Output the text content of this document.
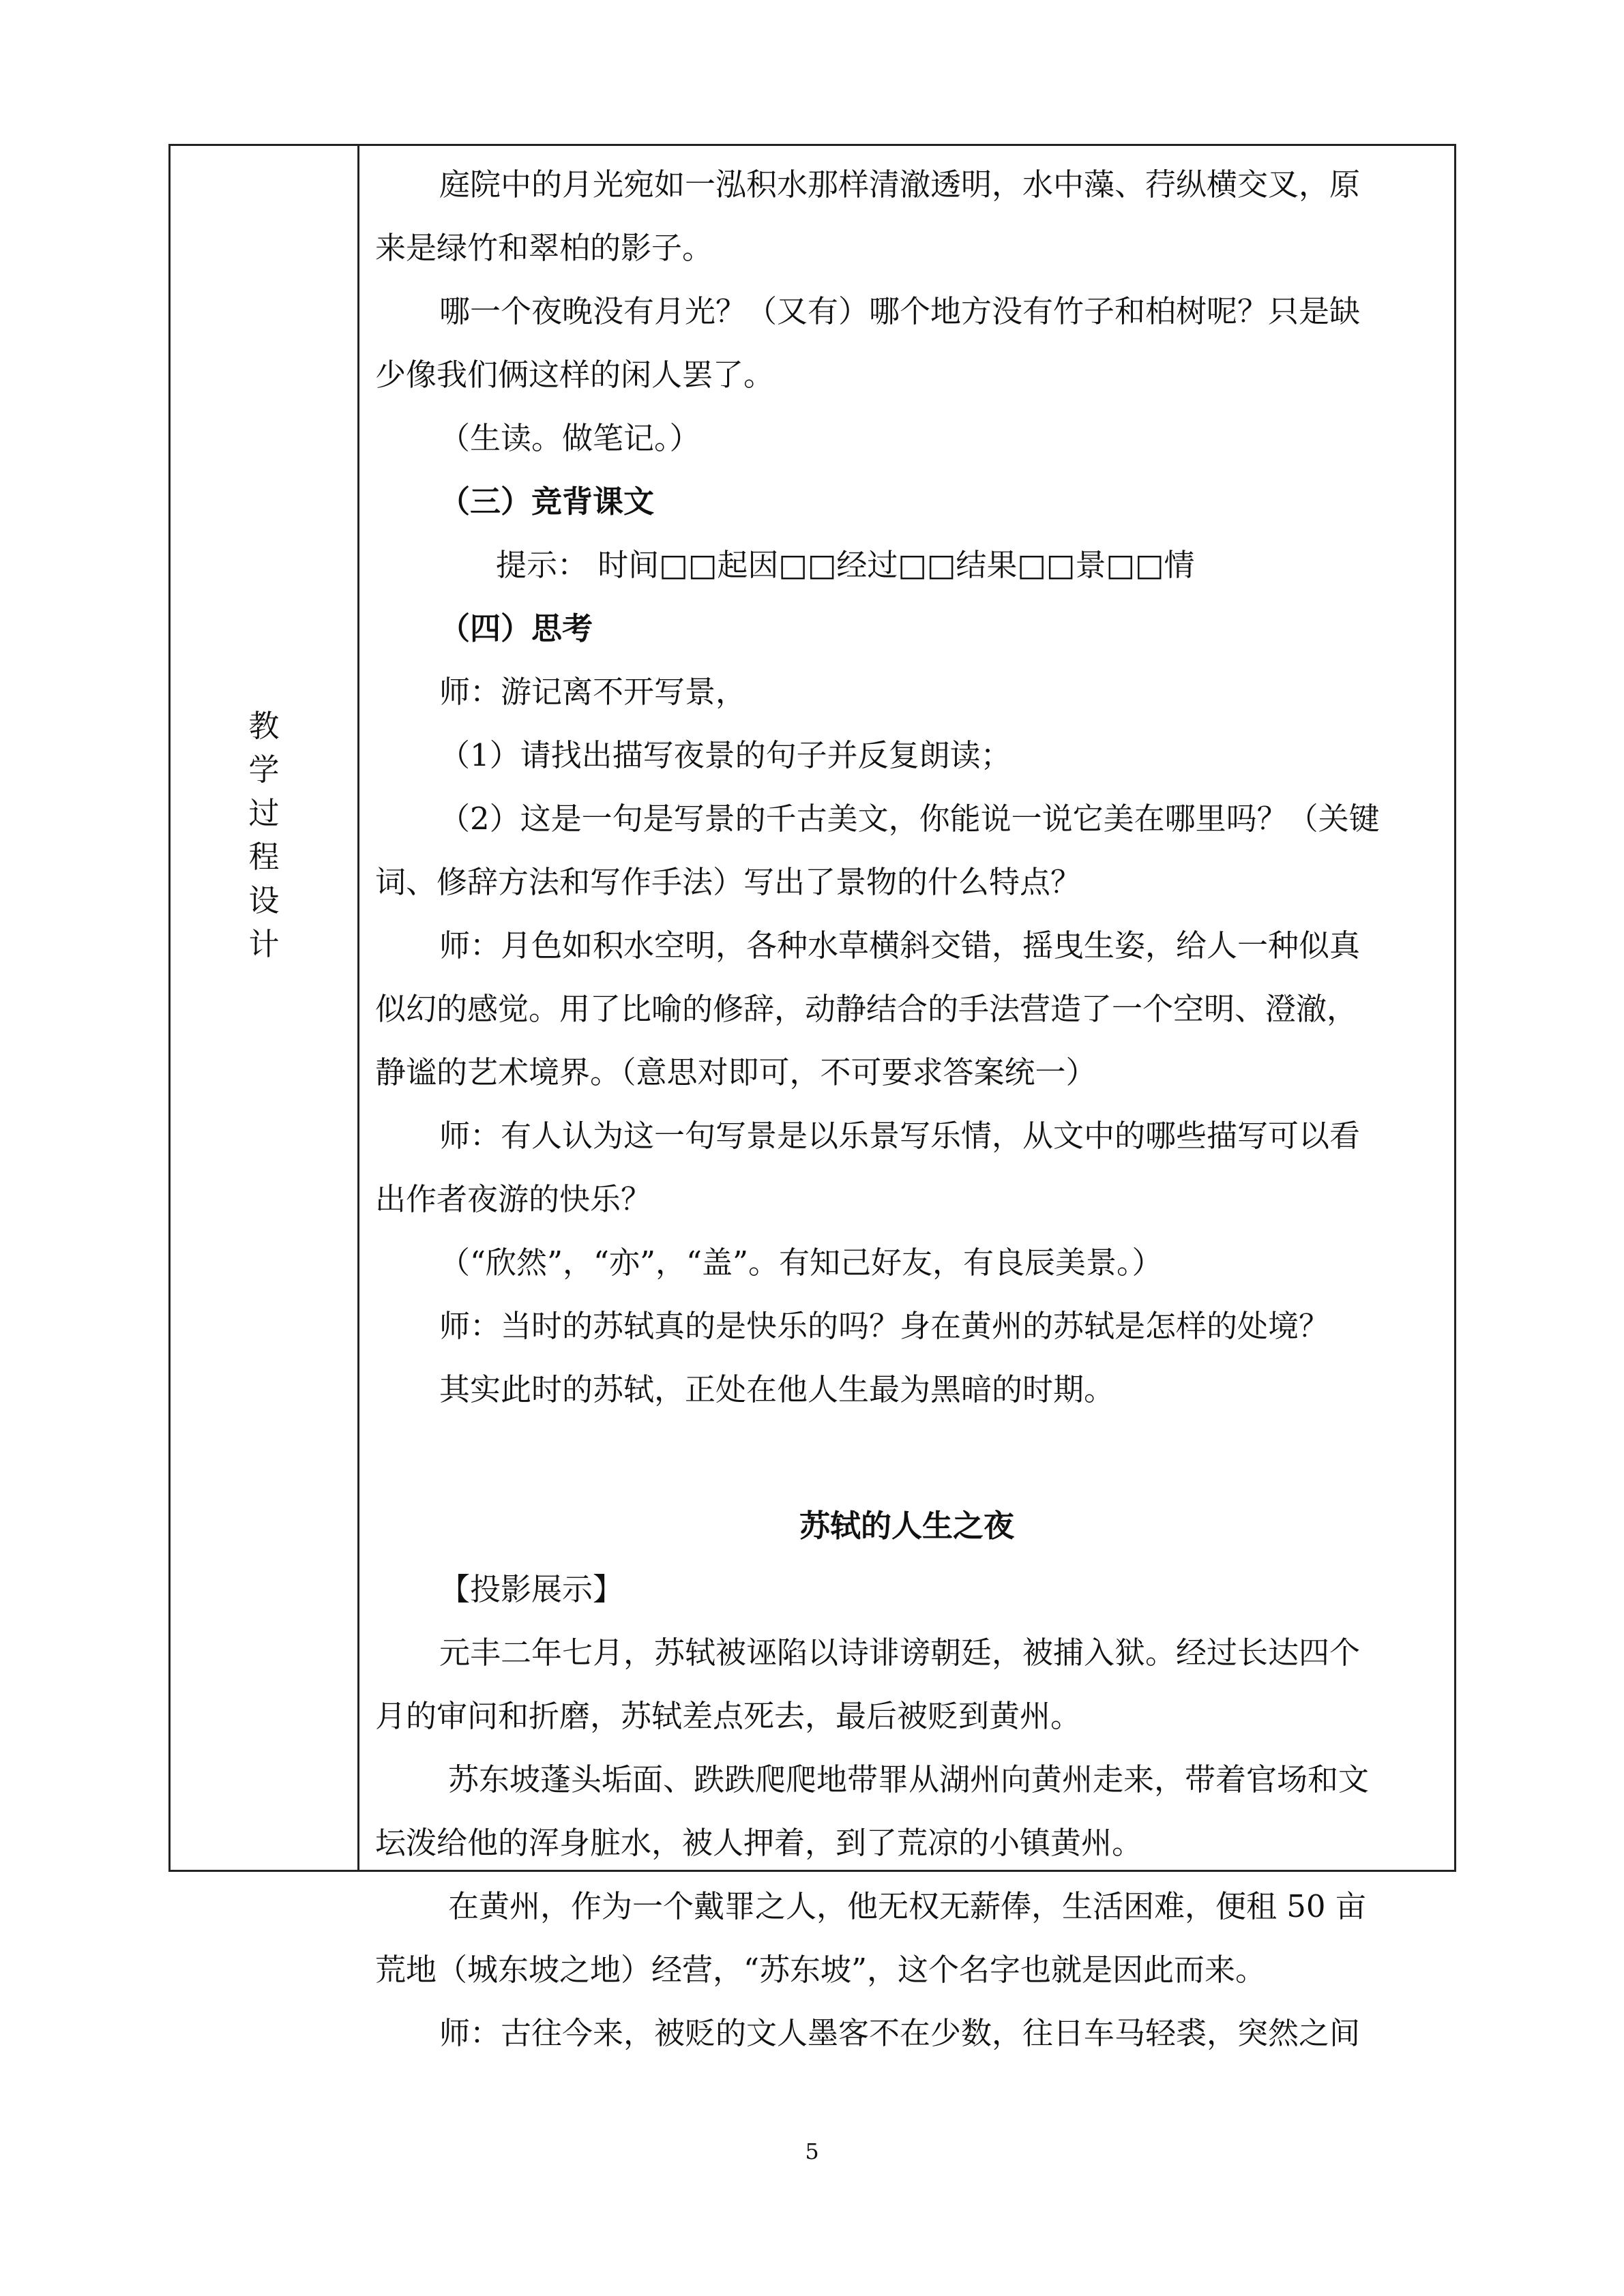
教
学
过
程
设
计
庭院中的月光宛如一泓积水那样清澈透明，水中藻、荇纵横交叉，原
来是绿竹和翠柏的影子。
哪一个夜晚没有月光？（又有）哪个地方没有竹子和柏树呢？只是缺
少像我们俩这样的闲人罢了。
（生读。做笔记。）
（三）竞背课文
提示： 时间□□起因□□经过□□结果□□景□□情
（四）思考
师：游记离不开写景，
（1）请找出描写夜景的句子并反复朗读；
（2）这是一句是写景的千古美文，你能说一说它美在哪里吗？（关键
词、修辞方法和写作手法）写出了景物的什么特点？
师：月色如积水空明，各种水草横斜交错，摇曳生姿，给人一种似真
似幻的感觉。用了比喻的修辞，动静结合的手法营造了一个空明、澄澈，
静谧的艺术境界。（意思对即可，不可要求答案统一）
师：有人认为这一句写景是以乐景写乐情，从文中的哪些描写可以看
出作者夜游的快乐？
（“欣然”，“亦”，“盖”。有知己好友，有良辰美景。）
师：当时的苏轼真的是快乐的吗？身在黄州的苏轼是怎样的处境？
其实此时的苏轼，正处在他人生最为黑暗的时期。
苏轼的人生之夜
【投影展示】
元丰二年七月，苏轼被诬陷以诗诽谤朝廷，被捕入狱。经过长达四个
月的审问和折磨，苏轼差点死去，最后被贬到黄州。
苏东坡蓬头垢面、跌跌爬爬地带罪从湖州向黄州走来，带着官场和文
坛泼给他的浑身脏水，被人押着，到了荒凉的小镇黄州。
在黄州，作为一个戴罪之人，他无权无薪俸，生活困难，便租 50 亩
荒地（城东坡之地）经营，“苏东坡”，这个名字也就是因此而来。
师：古往今来，被贬的文人墨客不在少数，往日车马轻裘，突然之间
5
